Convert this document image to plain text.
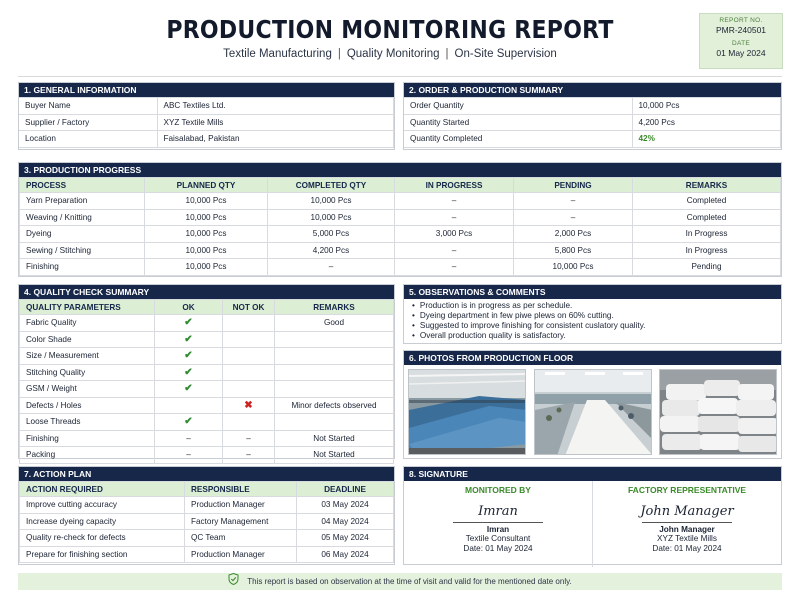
PRODUCTION MONITORING REPORT
Textile Manufacturing | Quality Monitoring | On-Site Supervision
REPORT NO.
PMR-240501
DATE
01 May 2024
1. GENERAL INFORMATION
Buyer Name	ABC Textiles Ltd.
Supplier / Factory	XYZ Textile Mills
Location	Faisalabad, Pakistan
2. ORDER & PRODUCTION SUMMARY
Order Quantity	10,000 Pcs
Quantity Started	4,200 Pcs
Quantity Completed	42%
3. PRODUCTION PROGRESS
PROCESS	PLANNED QTY	COMPLETED QTY	IN PROGRESS	PENDING	REMARKS
Yarn Preparation	10,000 Pcs	10,000 Pcs	–	–	Completed
Weaving / Knitting	10,000 Pcs	10,000 Pcs	–	–	Completed
Dyeing	10,000 Pcs	5,000 Pcs	3,000 Pcs	2,000 Pcs	In Progress
Sewing / Stitching	10,000 Pcs	4,200 Pcs	–	5,800 Pcs	In Progress
Finishing	10,000 Pcs	–	–	10,000 Pcs	Pending
4. QUALITY CHECK SUMMARY
QUALITY PARAMETERS	OK	NOT OK	REMARKS
Fabric Quality	✔		Good
Color Shade	✔		
Size / Measurement	✔		
Stitching Quality	✔		
GSM / Weight	✔		
Defects / Holes		✖	Minor defects observed
Loose Threads	✔		
Finishing	–	–	Not Started
Packing	–	–	Not Started
5. OBSERVATIONS & COMMENTS
• Production is in progress as per schedule.
• Dyeing department in few piwe plews on 60% cutting.
• Suggested to improve finishing for consistent cuslatory quality.
• Overall production quality is satisfactory.
6. PHOTOS FROM PRODUCTION FLOOR
7. ACTION PLAN
ACTION REQUIRED	RESPONSIBLE	DEADLINE
Improve cutting accuracy	Production Manager	03 May 2024
Increase dyeing capacity	Factory Management	04 May 2024
Quality re-check for defects	QC Team	05 May 2024
Prepare for finishing section	Production Manager	06 May 2024
8. SIGNATURE
MONITORED BY
Imran
Imran
Textile Consultant
Date: 01 May 2024
FACTORY REPRESENTATIVE
John Manager
John Manager
XYZ Textile Mills
Date: 01 May 2024
This report is based on observation at the time of visit and valid for the mentioned date only.
